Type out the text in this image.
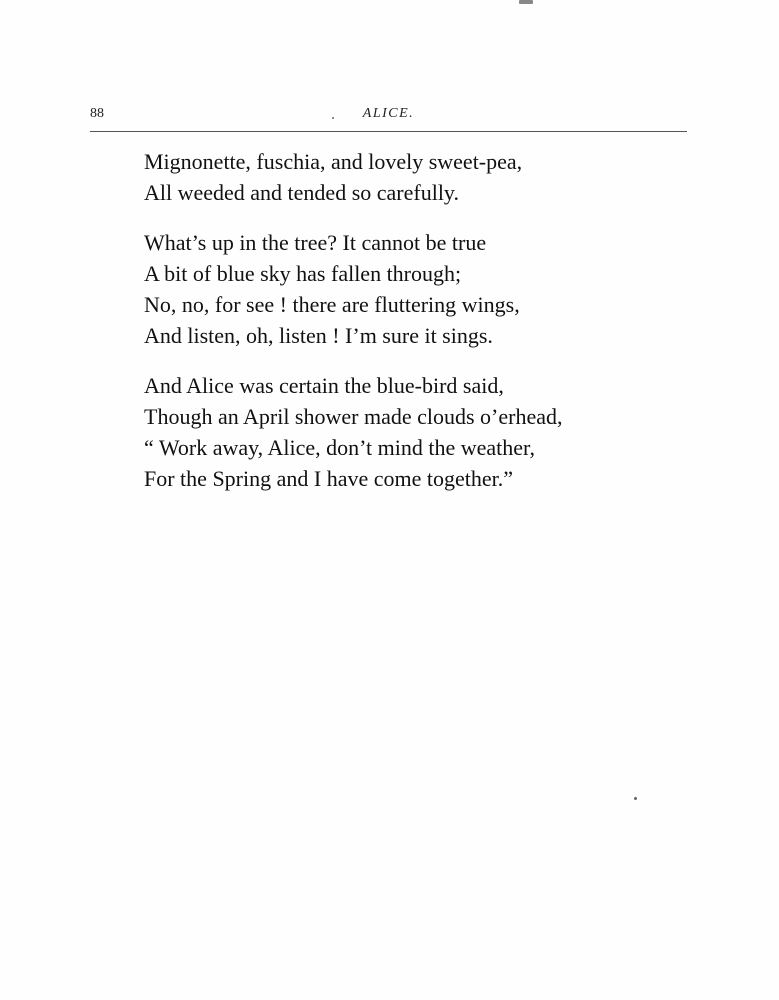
88	ALICE.
Mignonette, fuschia, and lovely sweet-pea,
All weeded and tended so carefully.
What’s up in the tree? It cannot be true
A bit of blue sky has fallen through;
No, no, for see ! there are fluttering wings,
And listen, oh, listen ! I’m sure it sings.
And Alice was certain the blue-bird said,
Though an April shower made clouds o’erhead,
“ Work away, Alice, don’t mind the weather,
For the Spring and I have come together.”
